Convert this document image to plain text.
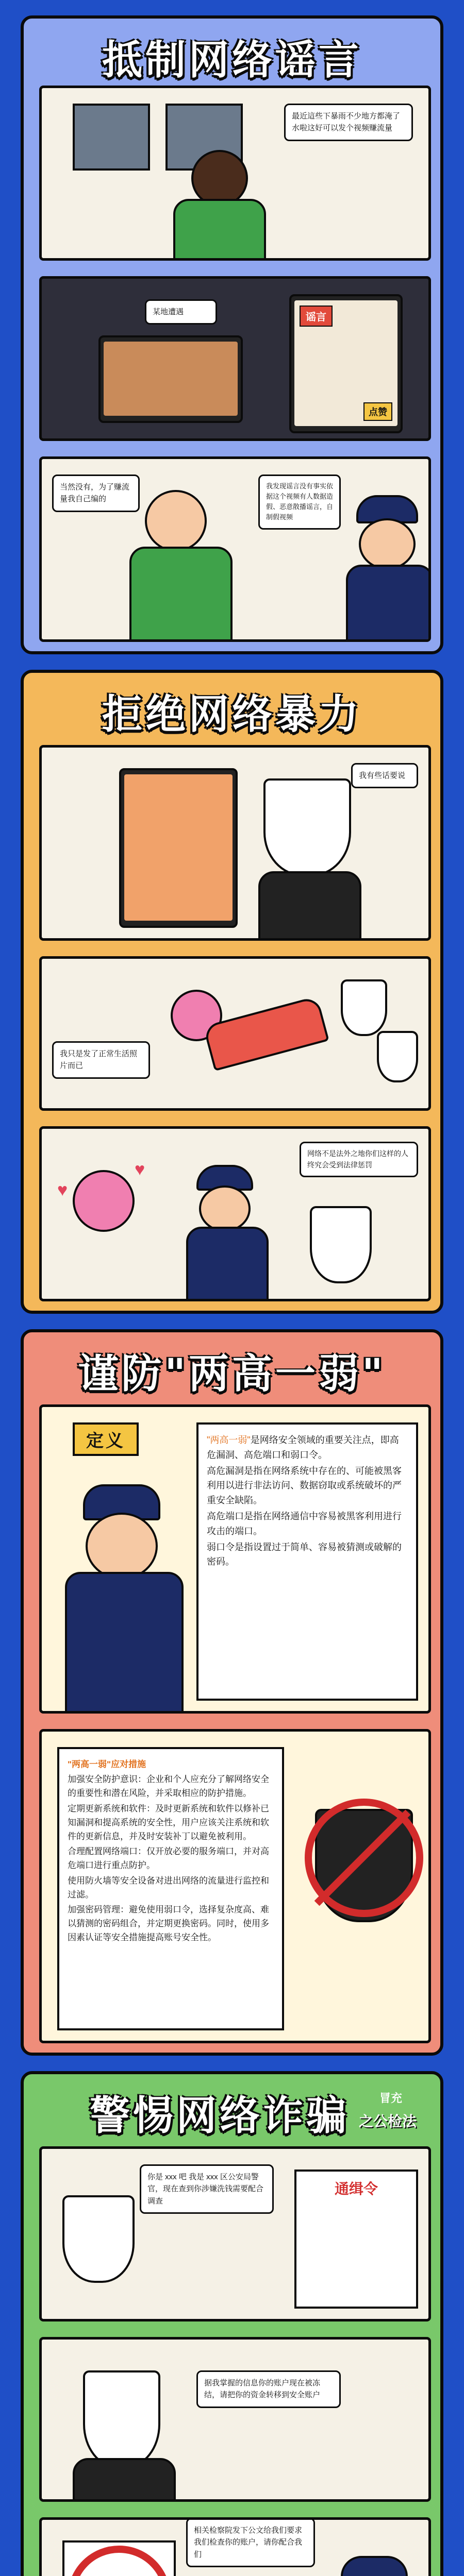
抵制网络谣言
最近這些下暴雨不少地方都淹了水啦这好可以发个视频赚流量
某地遭遇	谣言
点赞
当然没有，为了赚流量我自己编的
我发现谣言没有事实依据这个视频有人数据造假、恶意散播谣言，自制假视频
拒绝网络暴力
我有些话要说
我只是发了正常生活照片而已
♥
♥
网络不是法外之地你们这样的人终究会受到法律惩罚
谨防"两高一弱"
定义	"两高一弱"是网络安全领域的重要关注点，即高危漏洞、高危端口和弱口令。
高危漏洞是指在网络系统中存在的、可能被黑客利用以进行非法访问、数据窃取或系统破坏的严重安全缺陷。
高危端口是指在网络通信中容易被黑客利用进行攻击的端口。
弱口令是指设置过于简单、容易被猜测或破解的密码。
"两高一弱"应对措施
加强安全防护意识：企业和个人应充分了解网络安全的重要性和潜在风险，并采取相应的防护措施。
定期更新系统和软件：及时更新系统和软件以修补已知漏洞和提高系统的安全性，用户应该关注系统和软件的更新信息，并及时安装补丁以避免被利用。
合理配置网络端口：仅开放必要的服务端口，并对高危端口进行重点防护。
使用防火墙等安全设备对进出网络的流量进行监控和过滤。
加强密码管理：避免使用弱口令，选择复杂度高、难以猜测的密码组合，并定期更换密码。同时，使用多因素认证等安全措施提高账号安全性。
警惕网络诈骗	冒充
之公检法
你是 xxx 吧 我是 xxx 区公安局警官，现在查到你涉嫌洗钱需要配合调查
通缉令
据我掌握的信息你的账户现在被冻结，请把你的资金转移到安全账户
相关检察院发下公文给我们要求我们检查你的账户，请你配合我们
